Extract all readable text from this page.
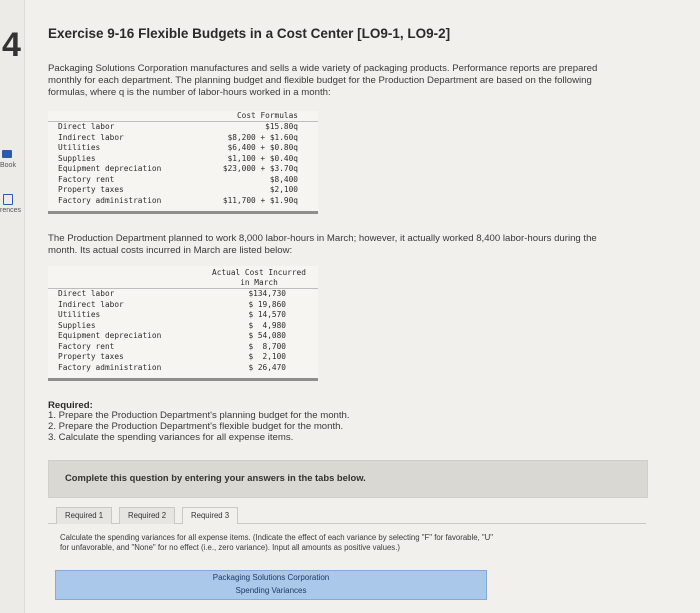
4
Book
rences
Exercise 9-16 Flexible Budgets in a Cost Center [LO9-1, LO9-2]
Packaging Solutions Corporation manufactures and sells a wide variety of packaging products. Performance reports are prepared
monthly for each department. The planning budget and flexible budget for the Production Department are based on the following
formulas, where q is the number of labor-hours worked in a month:
Cost Formulas
Direct labor	$15.80q
Indirect labor	$8,200 + $1.60q
Utilities	$6,400 + $0.80q
Supplies	$1,100 + $0.40q
Equipment depreciation	$23,000 + $3.70q
Factory rent	$8,400
Property taxes	$2,100
Factory administration	$11,700 + $1.90q
The Production Department planned to work 8,000 labor-hours in March; however, it actually worked 8,400 labor-hours during the
month. Its actual costs incurred in March are listed below:
Actual Cost Incurred
in March
Direct labor	$134,730
Indirect labor	$ 19,860
Utilities	$ 14,570
Supplies	$  4,980
Equipment depreciation	$ 54,080
Factory rent	$  8,700
Property taxes	$  2,100
Factory administration	$ 26,470
Required:
1. Prepare the Production Department's planning budget for the month.
2. Prepare the Production Department's flexible budget for the month.
3. Calculate the spending variances for all expense items.
Complete this question by entering your answers in the tabs below.
Required 1	Required 2	Required 3
Calculate the spending variances for all expense items. (Indicate the effect of each variance by selecting "F" for favorable, "U"
for unfavorable, and "None" for no effect (i.e., zero variance). Input all amounts as positive values.)
Packaging Solutions Corporation
Spending Variances
